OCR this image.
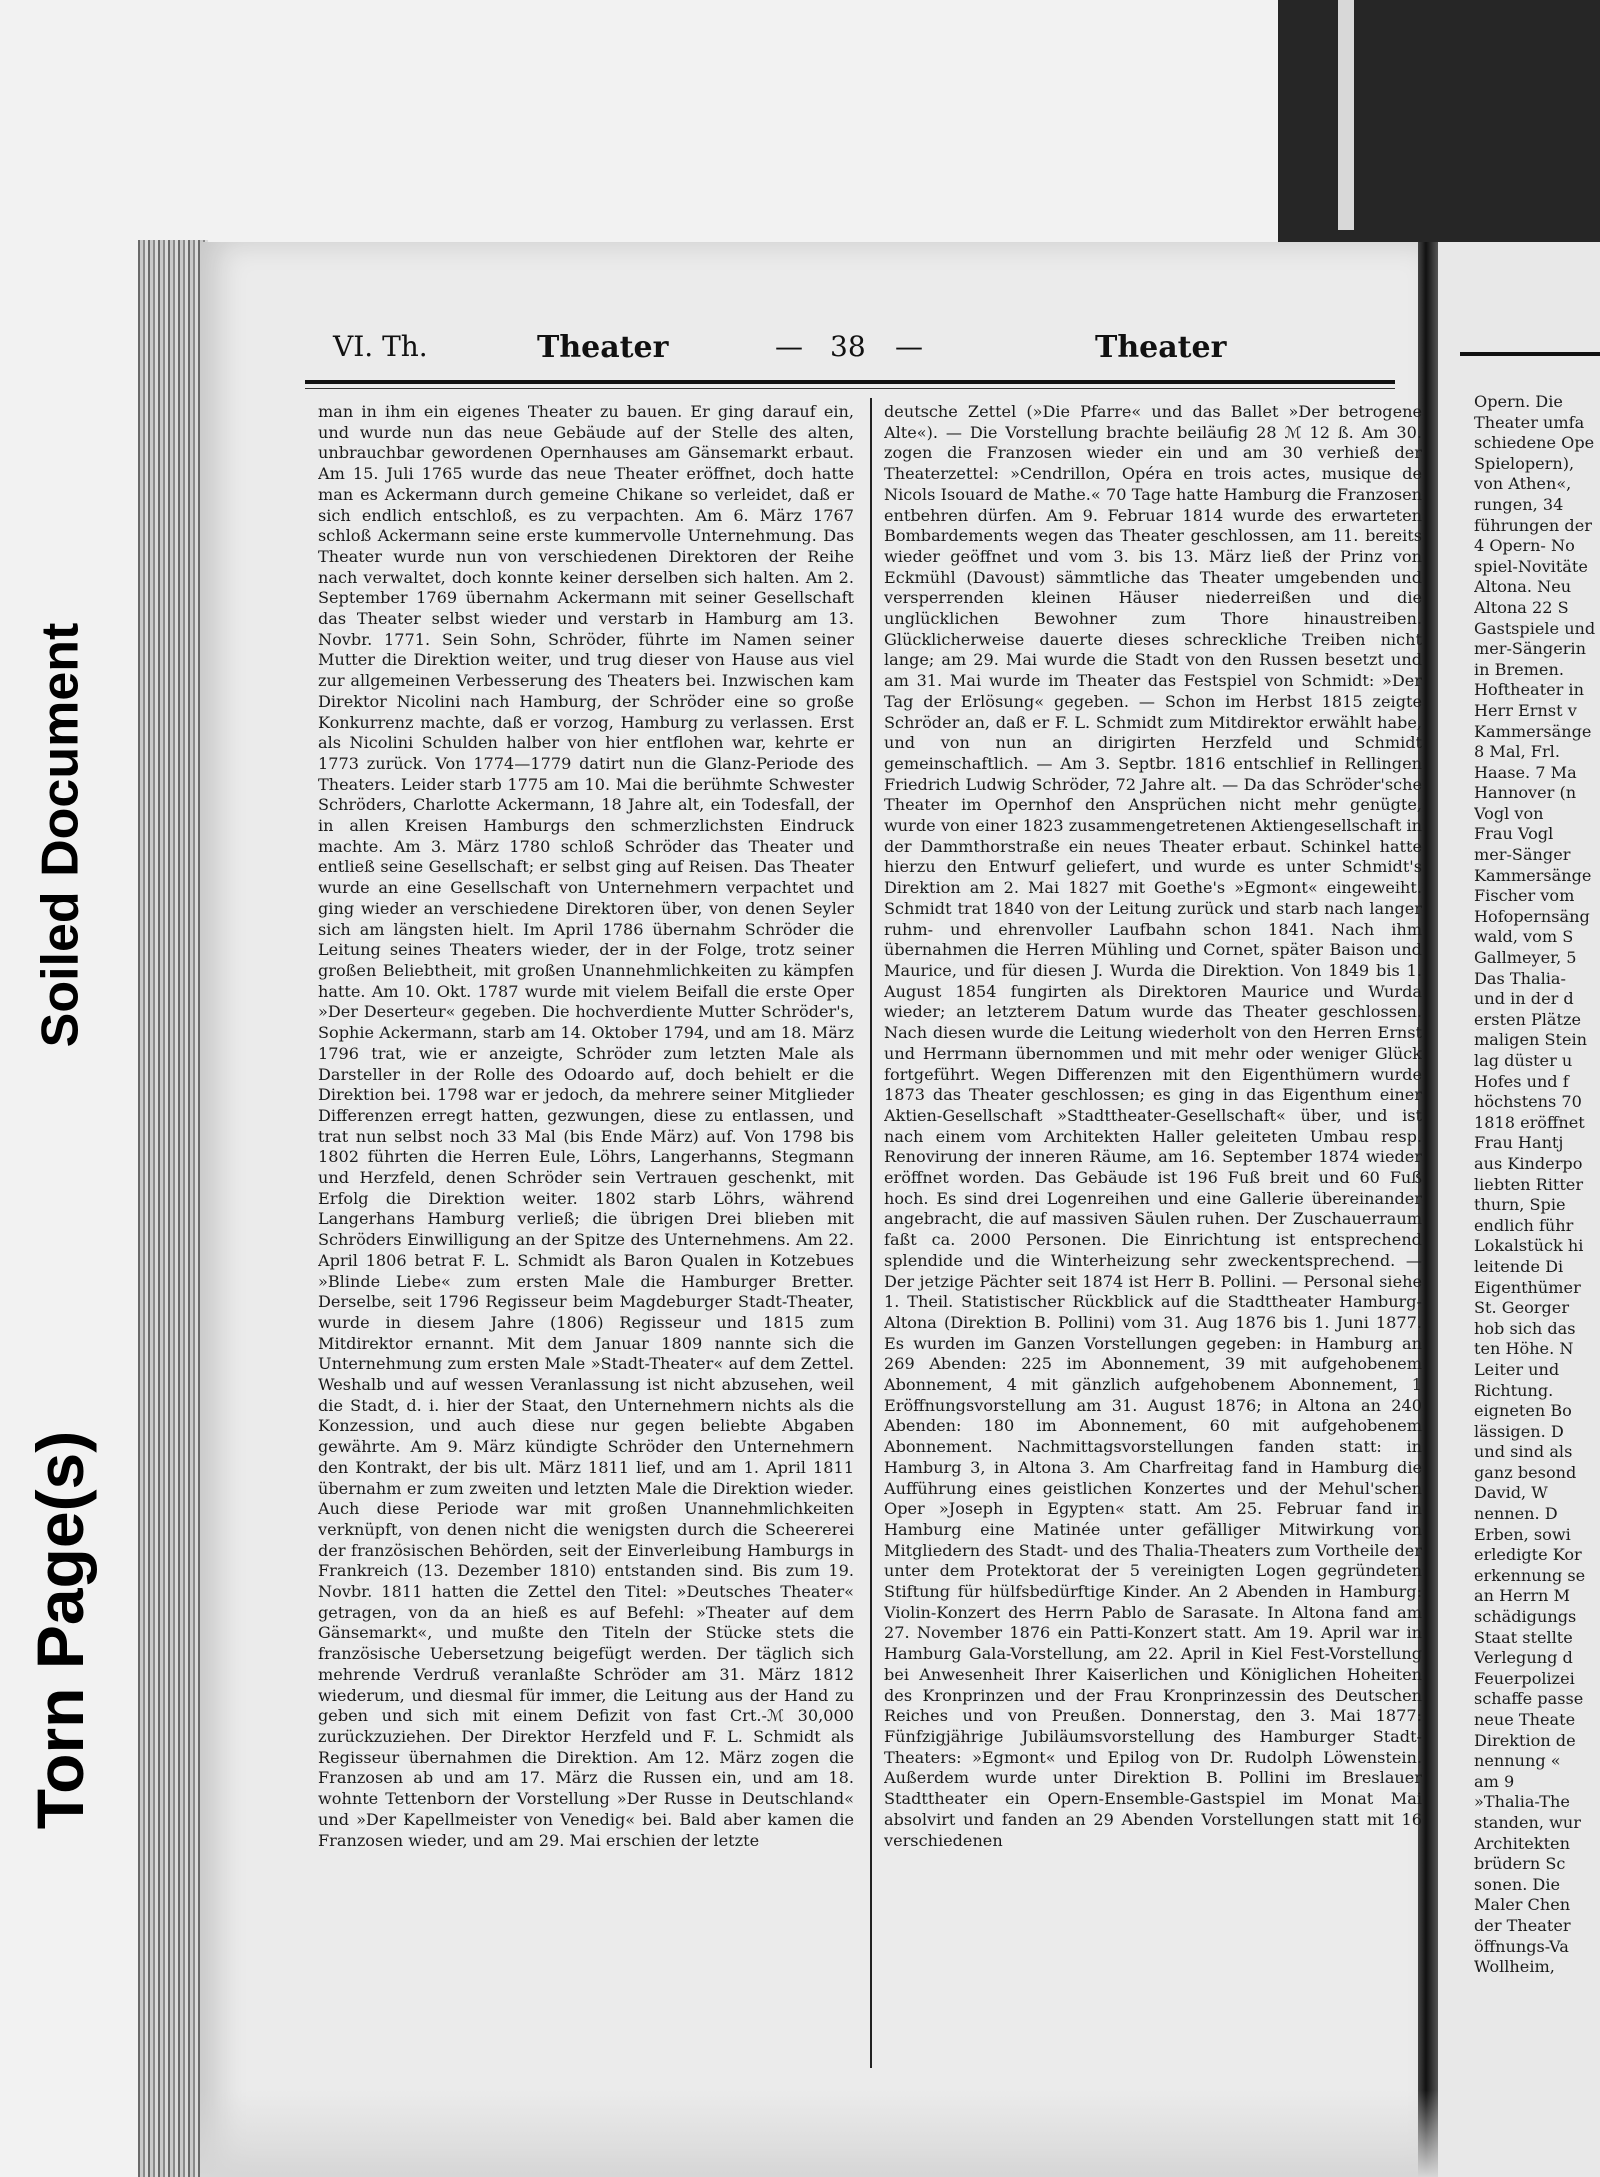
Soiled Document
Torn Page(s)
VI. Th.	Theater	— 38 —	Theater

man in ihm ein eigenes Theater zu bauen. Er ging darauf ein, und wurde nun das neue Gebäude auf der Stelle des alten, unbrauchbar gewordenen Opernhauses am Gänsemarkt erbaut. Am 15. Juli 1765 wurde das neue Theater eröffnet, doch hatte man es Ackermann durch gemeine Chikane so verleidet, daß er sich endlich entschloß, es zu verpachten. Am 6. März 1767 schloß Ackermann seine erste kummervolle Unternehmung. Das Theater wurde nun von verschiedenen Direktoren der Reihe nach verwaltet, doch konnte keiner derselben sich halten. Am 2. September 1769 übernahm Ackermann mit seiner Gesellschaft das Theater selbst wieder und verstarb in Hamburg am 13. Novbr. 1771. Sein Sohn, Schröder, führte im Namen seiner Mutter die Direktion weiter, und trug dieser von Hause aus viel zur allgemeinen Verbesserung des Theaters bei. Inzwischen kam Direktor Nicolini nach Hamburg, der Schröder eine so große Konkurrenz machte, daß er vorzog, Hamburg zu verlassen. Erst als Nicolini Schulden halber von hier entflohen war, kehrte er 1773 zurück. Von 1774—1779 datirt nun die Glanz-Periode des Theaters. Leider starb 1775 am 10. Mai die berühmte Schwester Schröders, Charlotte Ackermann, 18 Jahre alt, ein Todesfall, der in allen Kreisen Hamburgs den schmerzlichsten Eindruck machte. Am 3. März 1780 schloß Schröder das Theater und entließ seine Gesellschaft; er selbst ging auf Reisen. Das Theater wurde an eine Gesellschaft von Unternehmern verpachtet und ging wieder an verschiedene Direktoren über, von denen Seyler sich am längsten hielt. Im April 1786 übernahm Schröder die Leitung seines Theaters wieder, der in der Folge, trotz seiner großen Beliebtheit, mit großen Unannehmlichkeiten zu kämpfen hatte. Am 10. Okt. 1787 wurde mit vielem Beifall die erste Oper »Der Deserteur« gegeben. Die hochverdiente Mutter Schröder's, Sophie Ackermann, starb am 14. Oktober 1794, und am 18. März 1796 trat, wie er anzeigte, Schröder zum letzten Male als Darsteller in der Rolle des Odoardo auf, doch behielt er die Direktion bei. 1798 war er jedoch, da mehrere seiner Mitglieder Differenzen erregt hatten, gezwungen, diese zu entlassen, und trat nun selbst noch 33 Mal (bis Ende März) auf. Von 1798 bis 1802 führten die Herren Eule, Löhrs, Langerhanns, Stegmann und Herzfeld, denen Schröder sein Vertrauen geschenkt, mit Erfolg die Direktion weiter. 1802 starb Löhrs, während Langerhans Hamburg verließ; die übrigen Drei blieben mit Schröders Einwilligung an der Spitze des Unternehmens. Am 22. April 1806 betrat F. L. Schmidt als Baron Qualen in Kotzebues »Blinde Liebe« zum ersten Male die Hamburger Bretter. Derselbe, seit 1796 Regisseur beim Magdeburger Stadt-Theater, wurde in diesem Jahre (1806) Regisseur und 1815 zum Mitdirektor ernannt. Mit dem Januar 1809 nannte sich die Unternehmung zum ersten Male »Stadt-Theater« auf dem Zettel. Weshalb und auf wessen Veranlassung ist nicht abzusehen, weil die Stadt, d. i. hier der Staat, den Unternehmern nichts als die Konzession, und auch diese nur gegen beliebte Abgaben gewährte. Am 9. März kündigte Schröder den Unternehmern den Kontrakt, der bis ult. März 1811 lief, und am 1. April 1811 übernahm er zum zweiten und letzten Male die Direktion wieder. Auch diese Periode war mit großen Unannehmlichkeiten verknüpft, von denen nicht die wenigsten durch die Scheererei der französischen Behörden, seit der Einverleibung Hamburgs in Frankreich (13. Dezember 1810) entstanden sind. Bis zum 19. Novbr. 1811 hatten die Zettel den Titel: »Deutsches Theater« getragen, von da an hieß es auf Befehl: »Theater auf dem Gänsemarkt«, und mußte den Titeln der Stücke stets die französische Uebersetzung beigefügt werden. Der täglich sich mehrende Verdruß veranlaßte Schröder am 31. März 1812 wiederum, und diesmal für immer, die Leitung aus der Hand zu geben und sich mit einem Defizit von fast Crt.-ℳ 30,000 zurückzuziehen. Der Direktor Herzfeld und F. L. Schmidt als Regisseur übernahmen die Direktion. Am 12. März zogen die Franzosen ab und am 17. März die Russen ein, und am 18. wohnte Tettenborn der Vorstellung »Der Russe in Deutschland« und »Der Kapellmeister von Venedig« bei. Bald aber kamen die Franzosen wieder, und am 29. Mai erschien der letzte

deutsche Zettel (»Die Pfarre« und das Ballet »Der betrogene Alte«). — Die Vorstellung brachte beiläufig 28 ℳ 12 ß. Am 30. zogen die Franzosen wieder ein und am 30 verhieß der Theaterzettel: »Cendrillon, Opéra en trois actes, musique de Nicols Isouard de Mathe.« 70 Tage hatte Hamburg die Franzosen entbehren dürfen. Am 9. Februar 1814 wurde des erwarteten Bombardements wegen das Theater geschlossen, am 11. bereits wieder geöffnet und vom 3. bis 13. März ließ der Prinz von Eckmühl (Davoust) sämmtliche das Theater umgebenden und versperrenden kleinen Häuser niederreißen und die unglücklichen Bewohner zum Thore hinaustreiben. Glücklicherweise dauerte dieses schreckliche Treiben nicht lange; am 29. Mai wurde die Stadt von den Russen besetzt und am 31. Mai wurde im Theater das Festspiel von Schmidt: »Der Tag der Erlösung« gegeben. — Schon im Herbst 1815 zeigte Schröder an, daß er F. L. Schmidt zum Mitdirektor erwählt habe, und von nun an dirigirten Herzfeld und Schmidt gemeinschaftlich. — Am 3. Septbr. 1816 entschlief in Rellingen Friedrich Ludwig Schröder, 72 Jahre alt. — Da das Schröder'sche Theater im Opernhof den Ansprüchen nicht mehr genügte, wurde von einer 1823 zusammengetretenen Aktiengesellschaft in der Dammthorstraße ein neues Theater erbaut. Schinkel hatte hierzu den Entwurf geliefert, und wurde es unter Schmidt's Direktion am 2. Mai 1827 mit Goethe's »Egmont« eingeweiht. Schmidt trat 1840 von der Leitung zurück und starb nach langer ruhm- und ehrenvoller Laufbahn schon 1841. Nach ihm übernahmen die Herren Mühling und Cornet, später Baison und Maurice, und für diesen J. Wurda die Direktion. Von 1849 bis 1. August 1854 fungirten als Direktoren Maurice und Wurda wieder; an letzterem Datum wurde das Theater geschlossen. Nach diesen wurde die Leitung wiederholt von den Herren Ernst und Herrmann übernommen und mit mehr oder weniger Glück fortgeführt. Wegen Differenzen mit den Eigenthümern wurde 1873 das Theater geschlossen; es ging in das Eigenthum einer Aktien-Gesellschaft »Stadttheater-Gesellschaft« über, und ist nach einem vom Architekten Haller geleiteten Umbau resp. Renovirung der inneren Räume, am 16. September 1874 wieder eröffnet worden. Das Gebäude ist 196 Fuß breit und 60 Fuß hoch. Es sind drei Logenreihen und eine Gallerie übereinander angebracht, die auf massiven Säulen ruhen. Der Zuschauerraum faßt ca. 2000 Personen. Die Einrichtung ist entsprechend splendide und die Winterheizung sehr zweckentsprechend. — Der jetzige Pächter seit 1874 ist Herr B. Pollini. — Personal siehe 1. Theil. Statistischer Rückblick auf die Stadttheater Hamburg-Altona (Direktion B. Pollini) vom 31. Aug 1876 bis 1. Juni 1877. Es wurden im Ganzen Vorstellungen gegeben: in Hamburg an 269 Abenden: 225 im Abonnement, 39 mit aufgehobenem Abonnement, 4 mit gänzlich aufgehobenem Abonnement, 1 Eröffnungsvorstellung am 31. August 1876; in Altona an 240 Abenden: 180 im Abonnement, 60 mit aufgehobenem Abonnement. Nachmittagsvorstellungen fanden statt: in Hamburg 3, in Altona 3. Am Charfreitag fand in Hamburg die Aufführung eines geistlichen Konzertes und der Mehul'schen Oper »Joseph in Egypten« statt. Am 25. Februar fand in Hamburg eine Matinée unter gefälliger Mitwirkung von Mitgliedern des Stadt- und des Thalia-Theaters zum Vortheile der unter dem Protektorat der 5 vereinigten Logen gegründeten Stiftung für hülfsbedürftige Kinder. An 2 Abenden in Hamburg: Violin-Konzert des Herrn Pablo de Sarasate. In Altona fand am 27. November 1876 ein Patti-Konzert statt. Am 19. April war in Hamburg Gala-Vorstellung, am 22. April in Kiel Fest-Vorstellung bei Anwesenheit Ihrer Kaiserlichen und Königlichen Hoheiten des Kronprinzen und der Frau Kronprinzessin des Deutschen Reiches und von Preußen. Donnerstag, den 3. Mai 1877: Fünfzigjährige Jubiläumsvorstellung des Hamburger Stadt-Theaters: »Egmont« und Epilog von Dr. Rudolph Löwenstein. Außerdem wurde unter Direktion B. Pollini im Breslauer Stadttheater ein Opern-Ensemble-Gastspiel im Monat Mai absolvirt und fanden an 29 Abenden Vorstellungen statt mit 16 verschiedenen

Opern. Die
Theater umfa
schiedene Ope
Spielopern),
von Athen«,
rungen, 34
führungen der
4 Opern- No
spiel-Novitäte
Altona. Neu
Altona 22 S
Gastspiele und
mer-Sängerin
in Bremen.
Hoftheater in
Herr Ernst v
Kammersänge
8 Mal, Frl.
Haase. 7 Ma
Hannover (n
Vogl von
Frau Vogl
mer-Sänger
Kammersänge
Fischer vom
Hofopernsäng
wald, vom S
Gallmeyer, 5
Das Thalia-
und in der d
ersten Plätze
maligen Stein
lag düster u
Hofes und f
höchstens 70
1818 eröffnet
Frau Hantj
aus Kinderpo
liebten Ritter
thurn, Spie
endlich führ
Lokalstück hi
leitende Di
Eigenthümer
St. Georger
hob sich das
ten Höhe. N
Leiter und
Richtung.
eigneten Bo
lässigen. D
und sind als
ganz besond
David, W
nennen. D
Erben, sowi
erledigte Kor
erkennung se
an Herrn M
schädigungs
Staat stellte
Verlegung d
Feuerpolizei
schaffe passe
neue Theate
Direktion de
nennung «
am 9
»Thalia-The
standen, wur
Architekten
brüdern Sc
sonen. Die
Maler Chen
der Theater
öffnungs-Va
Wollheim,
